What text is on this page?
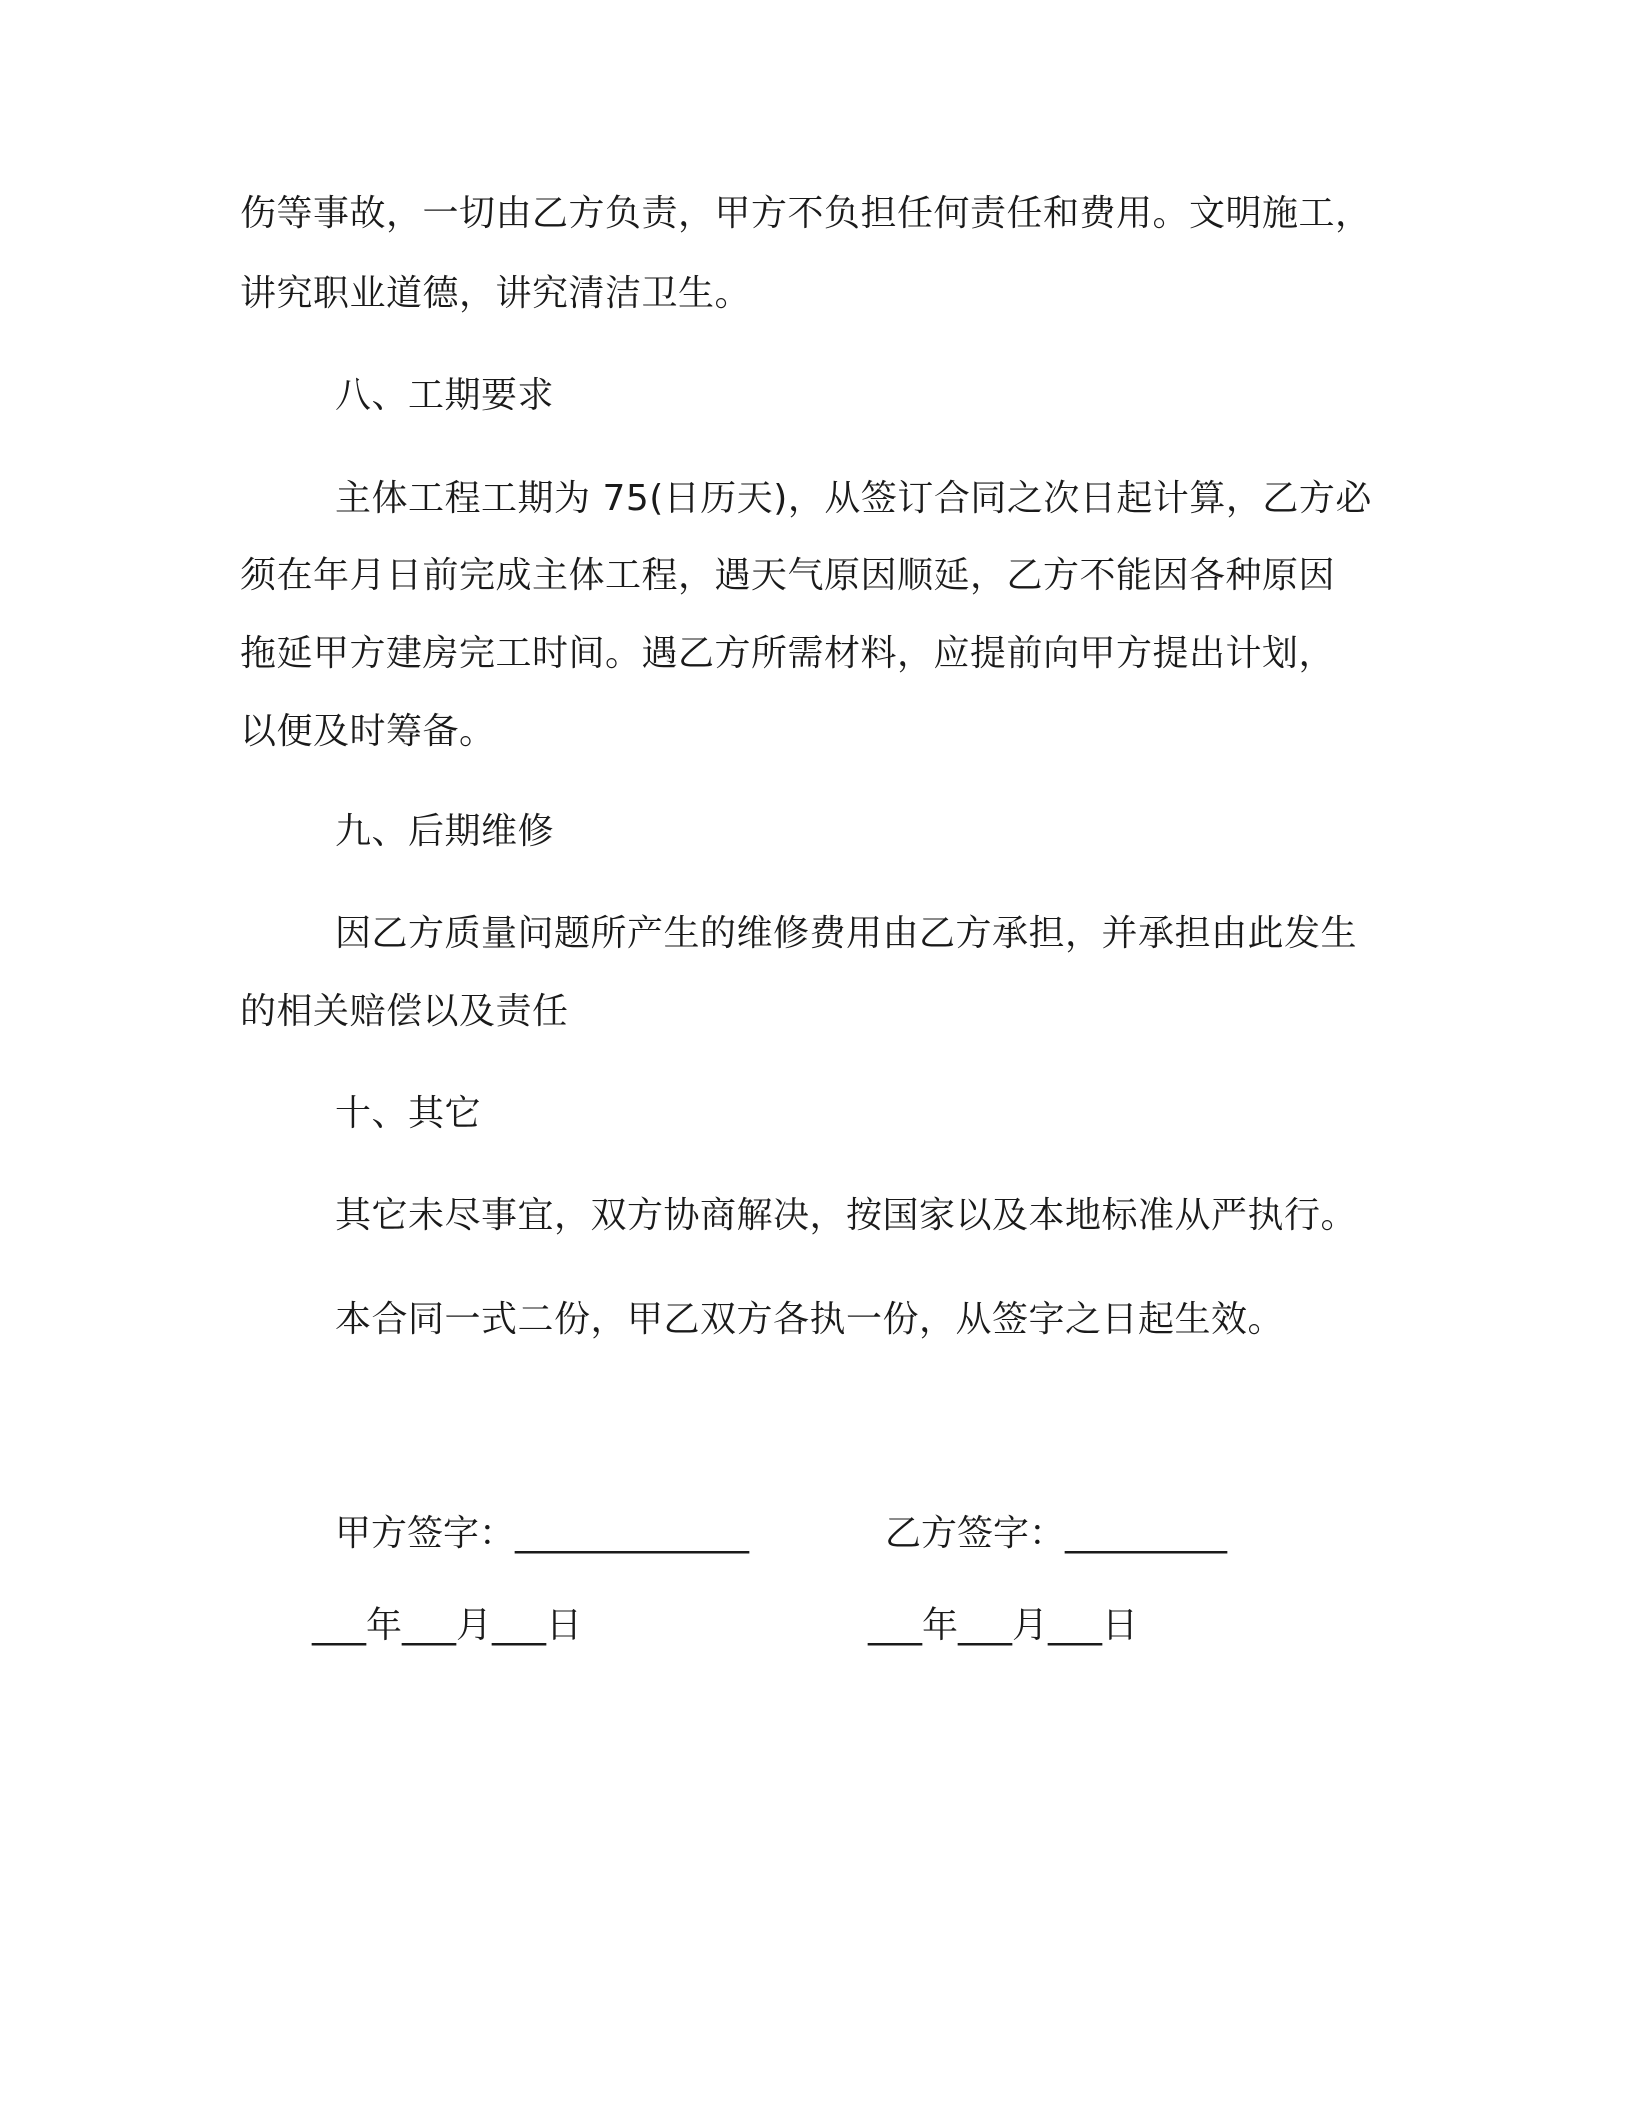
伤等事故，一切由乙方负责，甲方不负担任何责任和费用。文明施工，
讲究职业道德，讲究清洁卫生。
八、工期要求
主体工程工期为 75(日历天)，从签订合同之次日起计算，乙方必
须在年月日前完成主体工程，遇天气原因顺延，乙方不能因各种原因
拖延甲方建房完工时间。遇乙方所需材料，应提前向甲方提出计划，
以便及时筹备。
九、后期维修
因乙方质量问题所产生的维修费用由乙方承担，并承担由此发生
的相关赔偿以及责任
十、其它
其它未尽事宜，双方协商解决，按国家以及本地标准从严执行。
本合同一式二份，甲乙双方各执一份，从签字之日起生效。
甲方签字：_____________	乙方签字：_________
___年___月___日	___年___月___日
